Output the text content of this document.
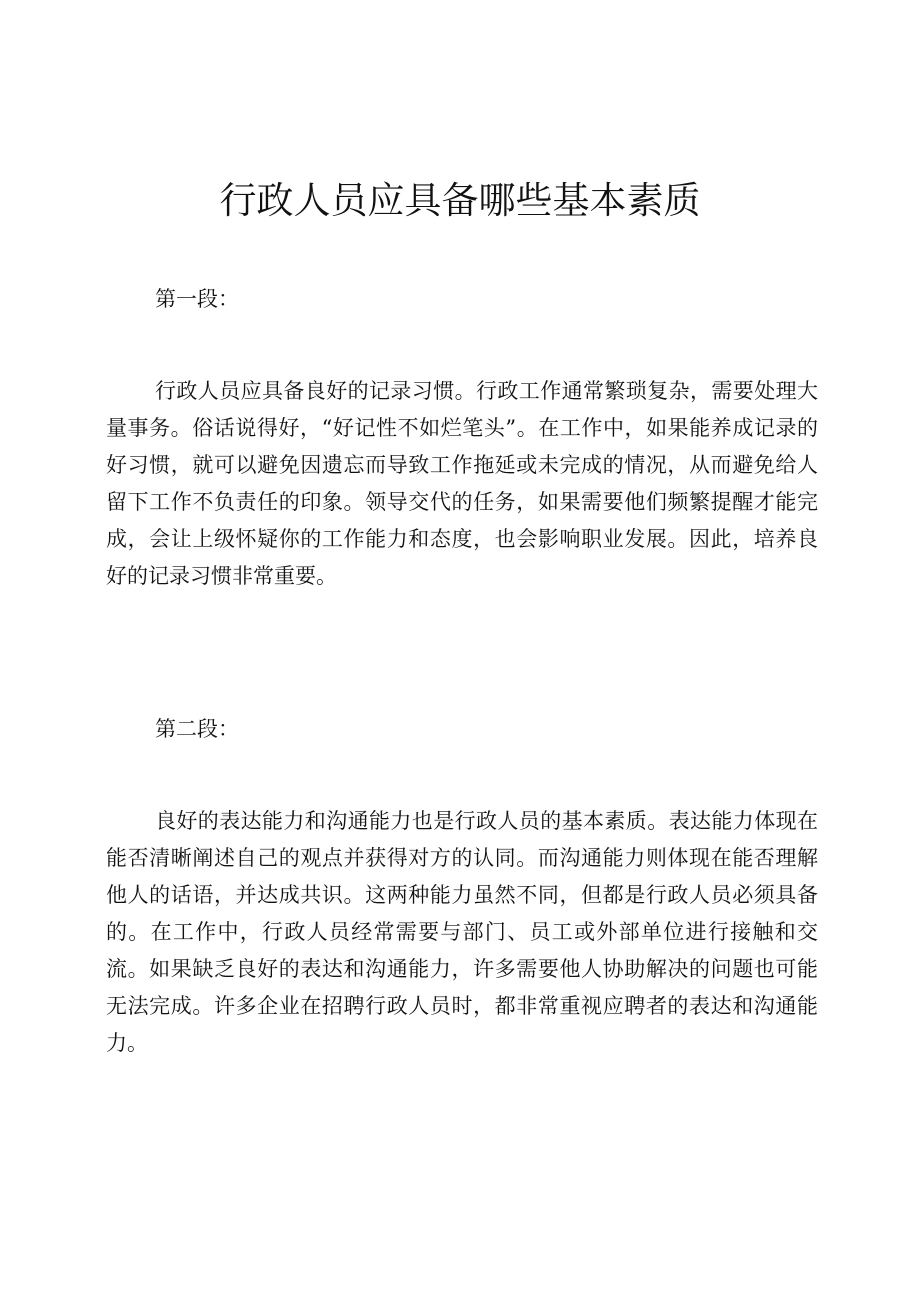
行政人员应具备哪些基本素质

第一段：

行政人员应具备良好的记录习惯。行政工作通常繁琐复杂，需要处理大量事务。俗话说得好，“好记性不如烂笔头”。在工作中，如果能养成记录的好习惯，就可以避免因遗忘而导致工作拖延或未完成的情况，从而避免给人留下工作不负责任的印象。领导交代的任务，如果需要他们频繁提醒才能完成，会让上级怀疑你的工作能力和态度，也会影响职业发展。因此，培养良好的记录习惯非常重要。

第二段：

良好的表达能力和沟通能力也是行政人员的基本素质。表达能力体现在能否清晰阐述自己的观点并获得对方的认同。而沟通能力则体现在能否理解他人的话语，并达成共识。这两种能力虽然不同，但都是行政人员必须具备的。在工作中，行政人员经常需要与部门、员工或外部单位进行接触和交流。如果缺乏良好的表达和沟通能力，许多需要他人协助解决的问题也可能无法完成。许多企业在招聘行政人员时，都非常重视应聘者的表达和沟通能力。
